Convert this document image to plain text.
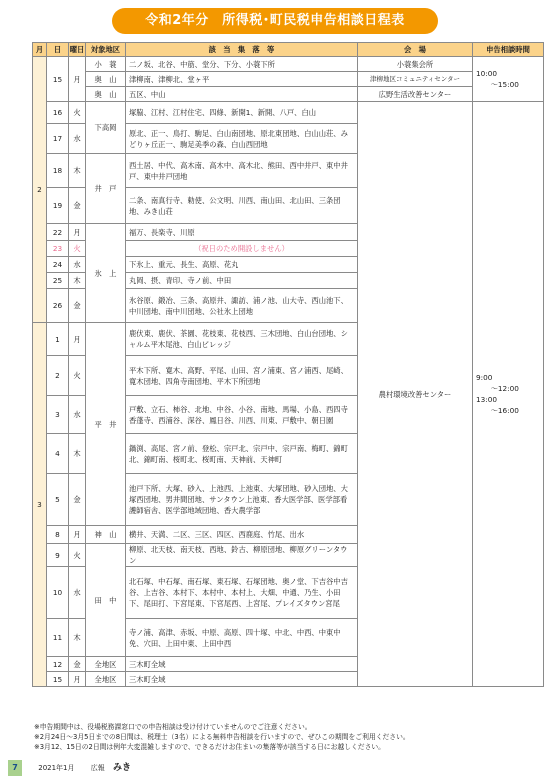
令和2年分　所得税･町民税申告相談日程表
月	日	曜日	対象地区	該　当　集　落　等	会　場	申告相談時間
2	15	月	小　蓑	二ノ坂、北谷、中筋、堂分、下分、小蓑下所	小蓑集会所	10:00
　　〜15:00
			奥　山	津柳南、津柳北、堂ヶ平	津柳地区コミュニティセンター	
			奥　山	五区、中山	広野生活改善センター	
	16	火	下高岡	塚脇、江村、江村住宅、四條、新開1、新開、八戸、白山	農村環境改善センター	9:00
　　〜12:00
13:00
　　〜16:00
	17	水		原北、正一、鳥打、駒足、白山南団地、原北東団地、白山山荘、みどりヶ丘正一、駒足美季の森、白山西団地		
	18	木	井　戸	西土居、中代、高木南、高木中、高木北、熊田、西中井戸、東中井戸、東中井戸団地		
	19	金		二条、南真行寺、勅使、公文明、川西、南山田、北山田、三条団地、みき山荘		
	22	月	氷　上	福万、長楽寺、川原		
	23	火		（祝日のため開設しません）		
	24	水		下氷上、重元、長生、高原、花丸		
	25	木		丸岡、摂、青印、寺ノ前、中田		
	26	金		氷谷原、鍛冶、三条、高原井、諏訪、浦ノ池、山大寺、西山池下、中川団地、南中川団地、公社氷上団地		
3	1	月	平　井	鹿伏東、鹿伏、茶園、花枝東、花枝西、三木団地、白山台団地、シャルム平木尾池、白山ビレッジ		
	2	火		平木下所、寛木、高野、平尾、山田、宮ノ浦東、宮ノ浦西、尾崎、寛木団地、四角寺南団地、平木下所団地		
	3	水		戸敷、立石、柿谷、北地、中谷、小谷、南地、馬場、小島、西四寺香蓬寺、西浦谷、深谷、鳳日谷、川西、川東、戸敷中、朝日園		
	4	木		鍋渕、高尾、宮ノ前、登松、宗戸北、宗戸中、宗戸南、梅町、錦町北、錦町南、桜町北、桜町南、天神前、天神町		
	5	金		池戸下所、大塚、砂入、上池西、上池東、大塚団地、砂入団地、大塚西団地、男井間団地、サンタウン上池東、香大医学部、医学部看護師宿舎、医学部地域団地、香大農学部		
	8	月	神　山	横井、天満、二区、三区、四区、西鹿庭、竹尾、出水		
	9	火	田　中	柳原、北天枝、南天枝、西地、鈴古、柳原団地、柳原グリーンタウン		
	10	水		北石塚、中石塚、南石塚、東石塚、石塚団地、奥ノ堂、下吉谷中吉谷、上吉谷、本村下、本村中、本村上、大畑、中通、乃生、小田下、尾田打、下宮尾東、下宮尾西、上宮尾、プレイズタウン宮尾		
	11	木		寺ノ浦、高津、赤坂、中原、高原、四十塚、中北、中西、中東中免、穴田、上田中東、上田中西		
	12	金	全地区	三木町全域		
	15	月	全地区	三木町全域		
※申告期間中は、役場税務課窓口での申告相談は受け付けていませんのでご注意ください。
※2月24日〜3月5日までの8日間は、税理士（3名）による無料申告相談を行いますので、ぜひこの期間をご利用ください。
※3月12、15日の2日間は例年大変混雑しますので、できるだけお住まいの集落等が該当する日にお越しください。
7	2021年1月 広報 みき
